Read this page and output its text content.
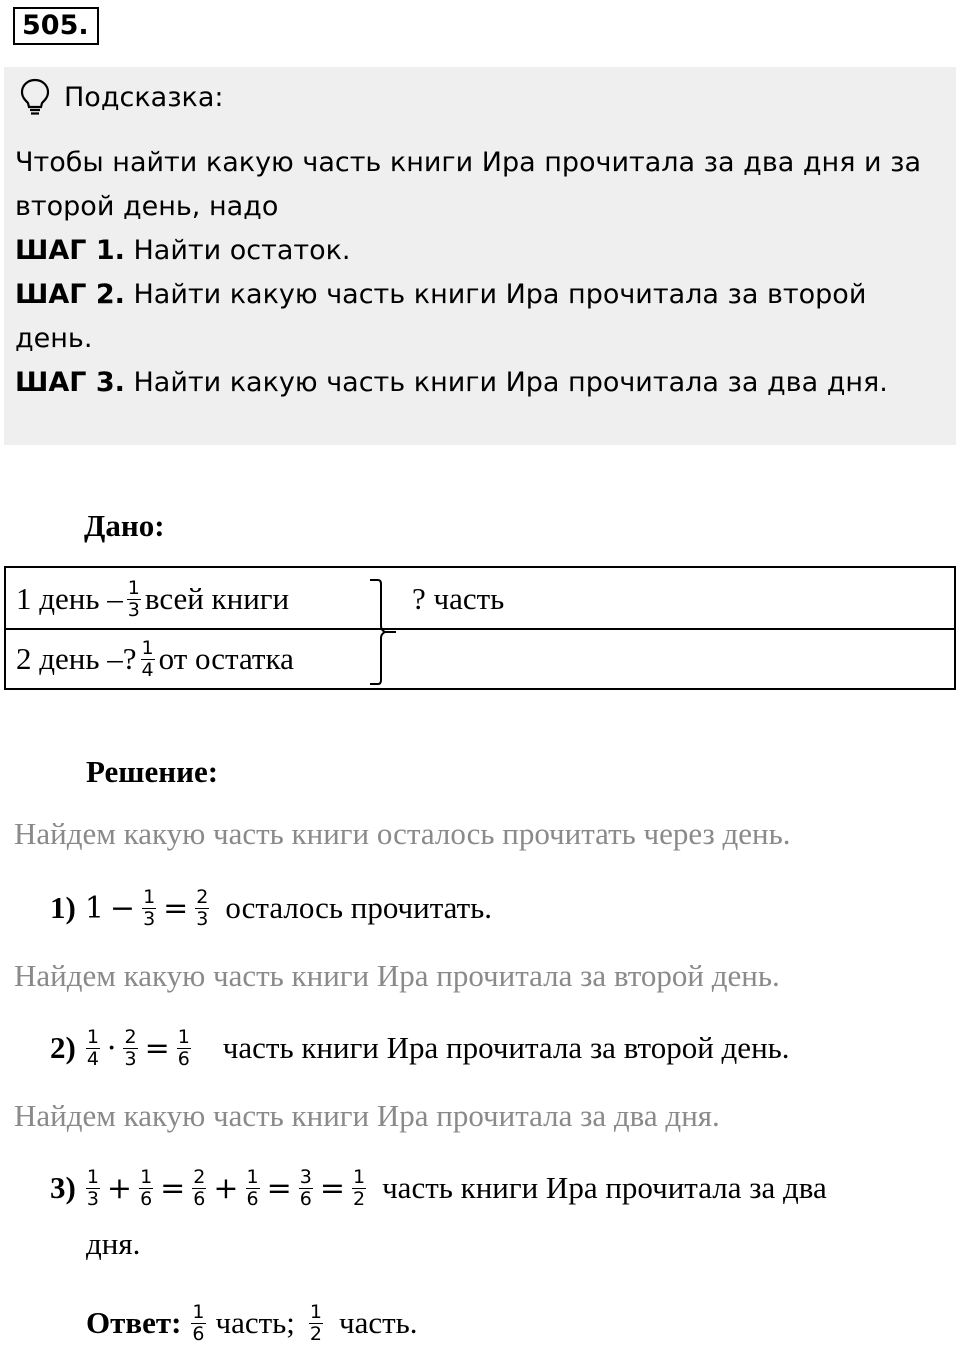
505.
Подсказка:
Чтобы найти какую часть книги Ира прочитала за два дня и за второй день, надо
ШАГ 1. Найти остаток.
ШАГ 2. Найти какую часть книги Ира прочитала за второй день.
ШАГ 3. Найти какую часть книги Ира прочитала за два дня.
Дано:
1 день – $\frac{1}{3}$ всей книги
2 день –? $\frac{1}{4}$ от остатка
? часть
Решение:
Найдем какую часть книги осталось прочитать через день.
1) $1 - \frac{1}{3} = \frac{2}{3}$ осталось прочитать.
Найдем какую часть книги Ира прочитала за второй день.
$2) \frac{1}{4} \cdot \frac{2}{3} = \frac{1}{6}$ часть книги Ира прочитала за второй день.
Найдем какую часть книги Ира прочитала за два дня.
$3) \frac{1}{3} + \frac{1}{6} = \frac{2}{6} + \frac{1}{6} = \frac{3}{6} = \frac{1}{2}$ часть книги Ира прочитала за два
дня.
Ответ: $\frac{1}{6}$ часть; $\frac{1}{2}$ часть.
